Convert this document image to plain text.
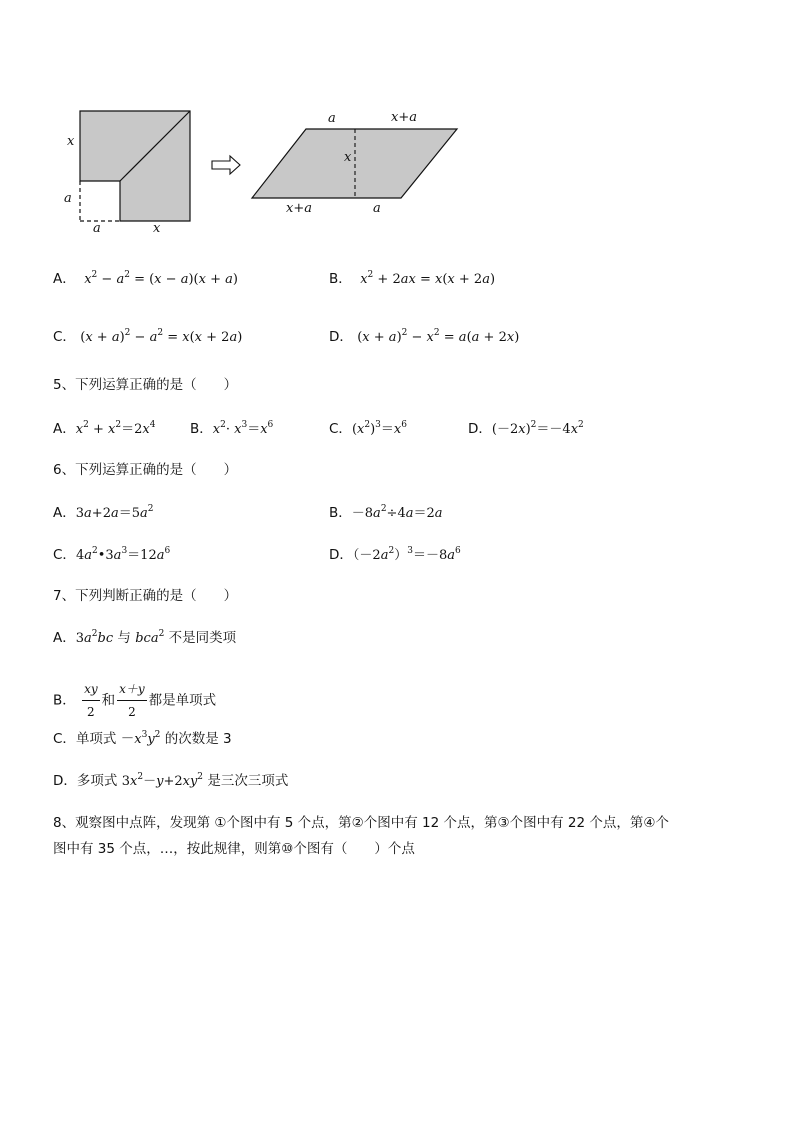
x
a
a	x
a	x+a
x
x+a	a
A． $x^2 - a^2 = (x - a)(x + a)$	B． $x^2 + 2ax = x(x + 2a)$
C． $(x + a)^2 - a^2 = x(x + 2a)$	D． $(x + a)^2 - x^2 = a(a + 2x)$
5、下列运算正确的是（　　）
A．$x^2 + x^2=2x^4$	B．$x^2\cdot x^3=x^6$	C．$(x^2)^3=x^6$	D．$(-2x)^2=-4x^2$
6、下列运算正确的是（　　）
A．$3a+2a=5a^2$	B．$-8a^2\div 4a=2a$
C．$4a^2•3a^3=12a^6$	D．$(-2a^2)^3=-8a^6$
7、下列判断正确的是（　　）
A．$3a^2bc$ 与 bca$^2$ 不是同类项
B． $\frac{xy}{2}$ 和 $\frac{x+y}{2}$ 都是单项式
C．单项式 $-x^3y^2$ 的次数是 3
D．多项式 $3x^2-y+2xy^2$ 是三次三项式
8、观察图中点阵，发现第 ①个图中有 5 个点，第②个图中有 12 个点，第③个图中有 22 个点，第④个
图中有 35 个点，…，按此规律，则第⑩个图有（　　）个点
